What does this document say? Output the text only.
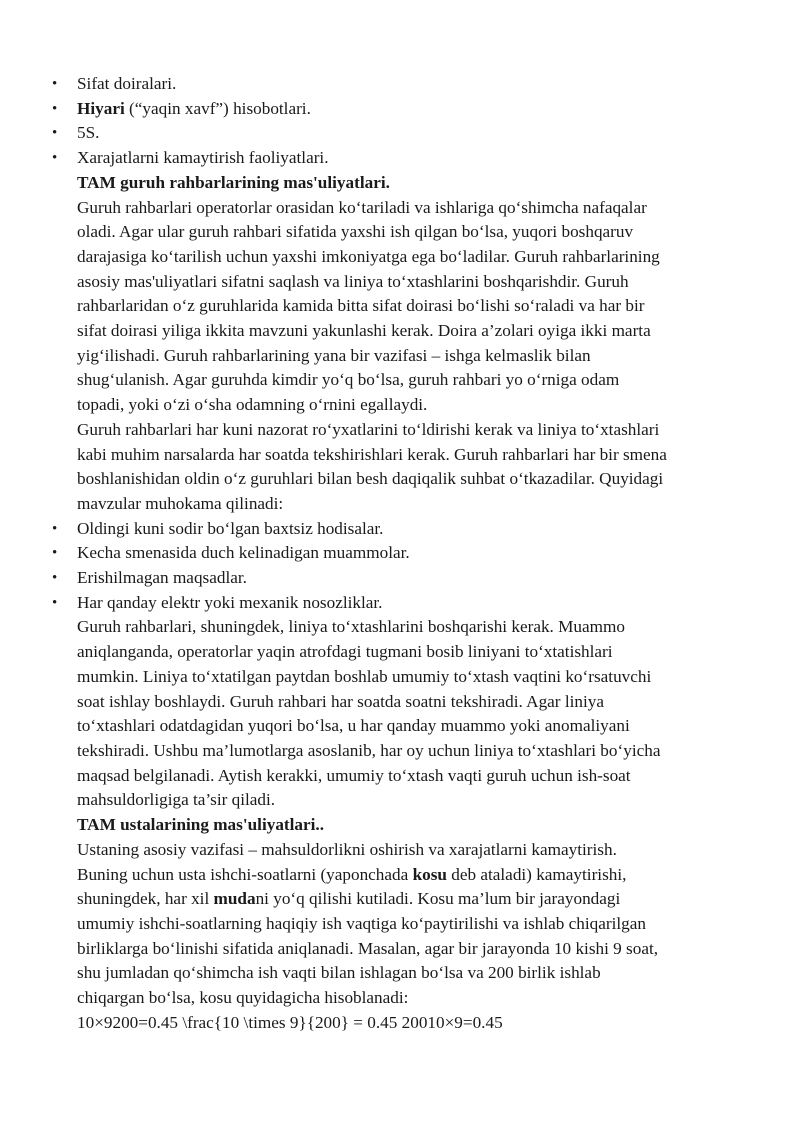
• Sifat doiralari.

• Hiyari (“yaqin xavf”) hisobotlari.

• 5S.

• Xarajatlarni kamaytirish faoliyatlari.

TAM guruh rahbarlarining mas'uliyatlari.

Guruh rahbarlari operatorlar orasidan koʻtariladi va ishlariga qoʻshimcha nafaqalar
oladi. Agar ular guruh rahbari sifatida yaxshi ish qilgan boʻlsa, yuqori boshqaruv
darajasiga koʻtarilish uchun yaxshi imkoniyatga ega boʻladilar. Guruh rahbarlarining
asosiy mas'uliyatlari sifatni saqlash va liniya toʻxtashlarini boshqarishdir. Guruh
rahbarlaridan oʻz guruhlarida kamida bitta sifat doirasi boʻlishi soʻraladi va har bir
sifat doirasi yiliga ikkita mavzuni yakunlashi kerak. Doira a’zolari oyiga ikki marta
yigʻilishadi. Guruh rahbarlarining yana bir vazifasi – ishga kelmaslik bilan
shugʻulanish. Agar guruhda kimdir yoʻq boʻlsa, guruh rahbari yo oʻrniga odam
topadi, yoki oʻzi oʻsha odamning oʻrnini egallaydi.
Guruh rahbarlari har kuni nazorat roʻyxatlarini toʻldirishi kerak va liniya toʻxtashlari
kabi muhim narsalarda har soatda tekshirishlari kerak. Guruh rahbarlari har bir smena
boshlanishidan oldin oʻz guruhlari bilan besh daqiqalik suhbat oʻtkazadilar. Quyidagi
mavzular muhokama qilinadi:

• Oldingi kuni sodir boʻlgan baxtsiz hodisalar.

• Kecha smenasida duch kelinadigan muammolar.

• Erishilmagan maqsadlar.

• Har qanday elektr yoki mexanik nosozliklar.

Guruh rahbarlari, shuningdek, liniya toʻxtashlarini boshqarishi kerak. Muammo
aniqlanganda, operatorlar yaqin atrofdagi tugmani bosib liniyani toʻxtatishlari
mumkin. Liniya toʻxtatilgan paytdan boshlab umumiy toʻxtash vaqtini koʻrsatuvchi
soat ishlay boshlaydi. Guruh rahbari har soatda soatni tekshiradi. Agar liniya
toʻxtashlari odatdagidan yuqori boʻlsa, u har qanday muammo yoki anomaliyani
tekshiradi. Ushbu ma’lumotlarga asoslanib, har oy uchun liniya toʻxtashlari boʻyicha
maqsad belgilanadi. Aytish kerakki, umumiy toʻxtash vaqti guruh uchun ish-soat
mahsuldorligiga ta’sir qiladi.

TAM ustalarining mas'uliyatlari..

Ustaning asosiy vazifasi – mahsuldorlikni oshirish va xarajatlarni kamaytirish.
Buning uchun usta ishchi-soatlarni (yaponchada kosu deb ataladi) kamaytirishi,
shuningdek, har xil mudani yoʻq qilishi kutiladi. Kosu ma’lum bir jarayondagi
umumiy ishchi-soatlarning haqiqiy ish vaqtiga koʻpaytirilishi va ishlab chiqarilgan
birliklarga boʻlinishi sifatida aniqlanadi. Masalan, agar bir jarayonda 10 kishi 9 soat,
shu jumladan qoʻshimcha ish vaqti bilan ishlagan boʻlsa va 200 birlik ishlab
chiqargan boʻlsa, kosu quyidagicha hisoblanadi:
10×9200=0.45 \frac{10 \times 9}{200} = 0.45 20010×9=0.45
